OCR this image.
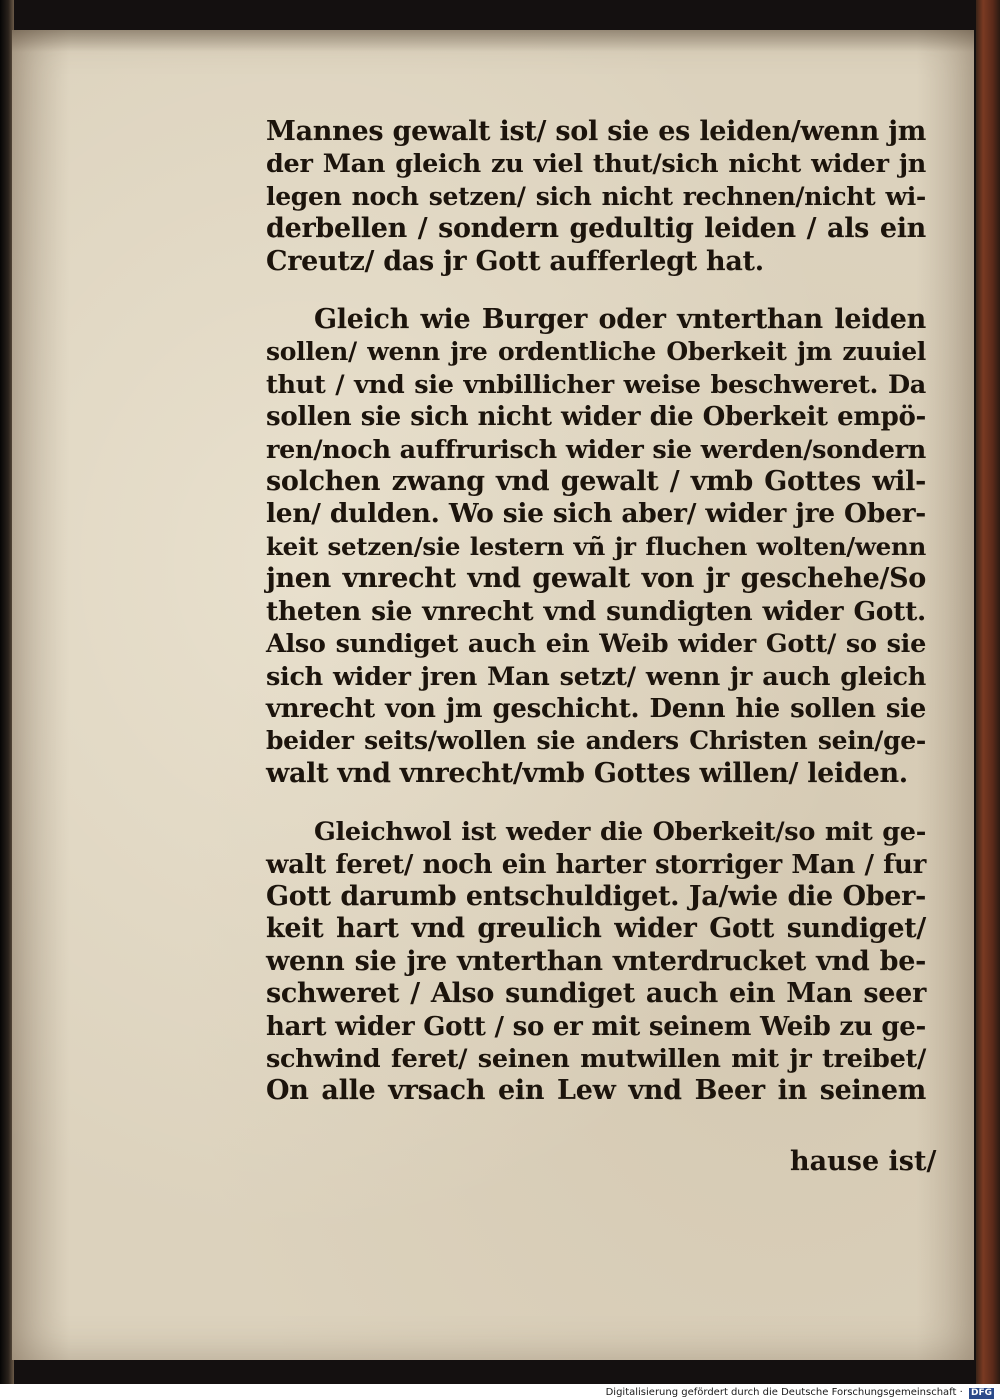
Mannes gewalt ist/ sol sie es leiden/wenn jm
der Man gleich zu viel thut/sich nicht wider jn
legen noch setzen/ sich nicht rechnen/nicht wi-
derbellen / sondern gedultig leiden / als ein
Creutz/ das jr Gott aufferlegt hat.
Gleich wie Burger oder vnterthan leiden
sollen/ wenn jre ordentliche Oberkeit jm zuuiel
thut / vnd sie vnbillicher weise beschweret. Da
sollen sie sich nicht wider die Oberkeit empö-
ren/noch auffrurisch wider sie werden/sondern
solchen zwang vnd gewalt / vmb Gottes wil-
len/ dulden. Wo sie sich aber/ wider jre Ober-
keit setzen/sie lestern vñ jr fluchen wolten/wenn
jnen vnrecht vnd gewalt von jr geschehe/So
theten sie vnrecht vnd sundigten wider Gott.
Also sundiget auch ein Weib wider Gott/ so sie
sich wider jren Man setzt/ wenn jr auch gleich
vnrecht von jm geschicht. Denn hie sollen sie
beider seits/wollen sie anders Christen sein/ge-
walt vnd vnrecht/vmb Gottes willen/ leiden.
Gleichwol ist weder die Oberkeit/so mit ge-
walt feret/ noch ein harter storriger Man / fur
Gott darumb entschuldiget. Ja/wie die Ober-
keit hart vnd greulich wider Gott sundiget/
wenn sie jre vnterthan vnterdrucket vnd be-
schweret / Also sundiget auch ein Man seer
hart wider Gott / so er mit seinem Weib zu ge-
schwind feret/ seinen mutwillen mit jr treibet/
On alle vrsach ein Lew vnd Beer in seinem
hause ist/
Digitalisierung gefördert durch die Deutsche Forschungsgemeinschaft · DFG
